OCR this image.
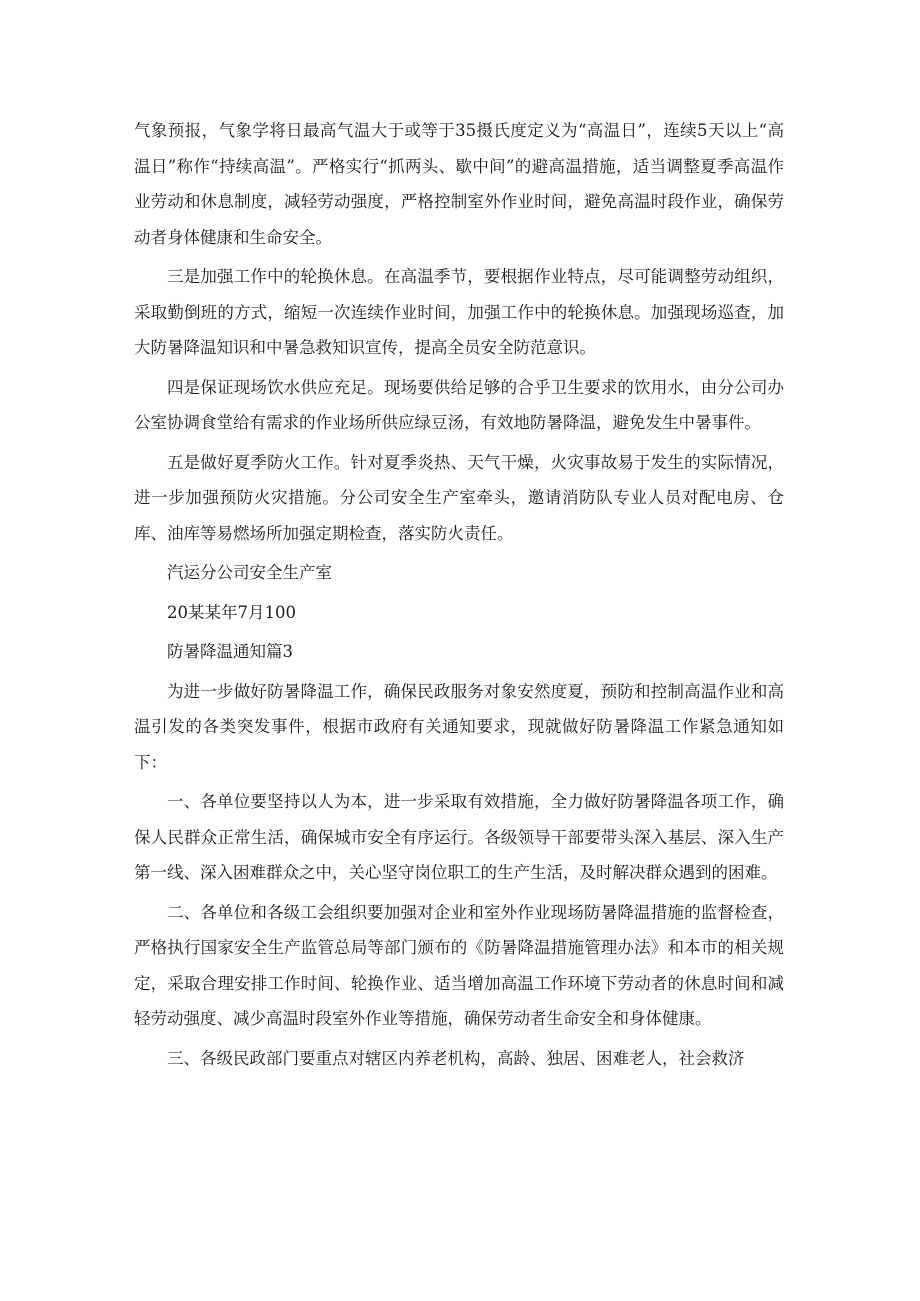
气象预报，气象学将日最高气温大于或等于35摄氏度定义为“高温日”，连续5天以上“高温日”称作“持续高温”。严格实行“抓两头、歇中间”的避高温措施，适当调整夏季高温作业劳动和休息制度，减轻劳动强度，严格控制室外作业时间，避免高温时段作业，确保劳动者身体健康和生命安全。

三是加强工作中的轮换休息。在高温季节，要根据作业特点，尽可能调整劳动组织，采取勤倒班的方式，缩短一次连续作业时间，加强工作中的轮换休息。加强现场巡查，加大防暑降温知识和中暑急救知识宣传，提高全员安全防范意识。

四是保证现场饮水供应充足。现场要供给足够的合乎卫生要求的饮用水，由分公司办公室协调食堂给有需求的作业场所供应绿豆汤，有效地防暑降温，避免发生中暑事件。

五是做好夏季防火工作。针对夏季炎热、天气干燥，火灾事故易于发生的实际情况，进一步加强预防火灾措施。分公司安全生产室牵头，邀请消防队专业人员对配电房、仓库、油库等易燃场所加强定期检查，落实防火责任。

汽运分公司安全生产室

20某某年7月100

防暑降温通知篇3

为进一步做好防暑降温工作，确保民政服务对象安然度夏，预防和控制高温作业和高温引发的各类突发事件，根据市政府有关通知要求，现就做好防暑降温工作紧急通知如下：

一、各单位要坚持以人为本，进一步采取有效措施，全力做好防暑降温各项工作，确保人民群众正常生活，确保城市安全有序运行。各级领导干部要带头深入基层、深入生产第一线、深入困难群众之中，关心坚守岗位职工的生产生活，及时解决群众遇到的困难。

二、各单位和各级工会组织要加强对企业和室外作业现场防暑降温措施的监督检查，严格执行国家安全生产监管总局等部门颁布的《防暑降温措施管理办法》和本市的相关规定，采取合理安排工作时间、轮换作业、适当增加高温工作环境下劳动者的休息时间和减轻劳动强度、减少高温时段室外作业等措施，确保劳动者生命安全和身体健康。

三、各级民政部门要重点对辖区内养老机构，高龄、独居、困难老人，社会救济
